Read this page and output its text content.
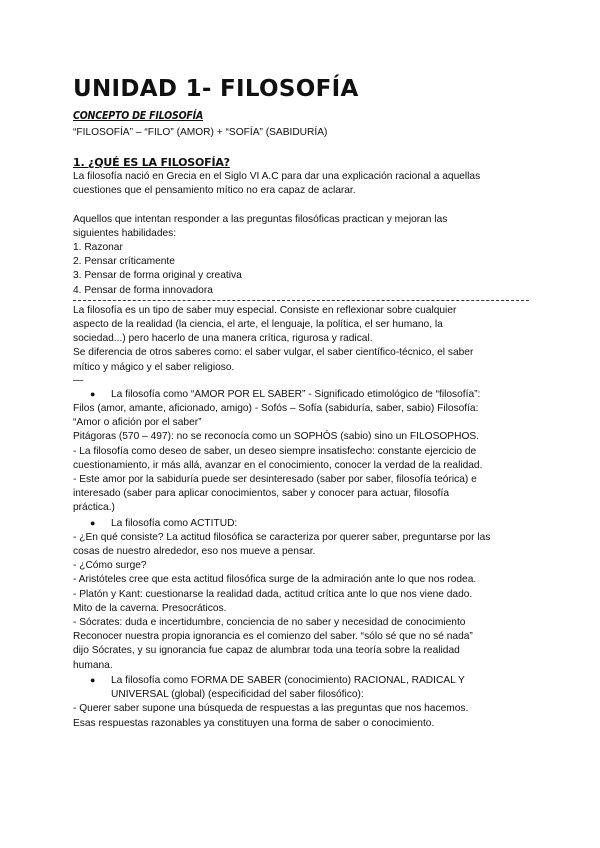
UNIDAD 1- FILOSOFÍA
CONCEPTO DE FILOSOFÍA
“FILOSOFÍA” – “FILO” (AMOR) + “SOFÍA” (SABIDURÍA)
1. ¿QUÉ ES LA FILOSOFÍA?
La filosofía nació en Grecia en el Siglo VI A.C para dar una explicación racional a aquellas
cuestiones que el pensamiento mítico no era capaz de aclarar.
Aquellos que intentan responder a las preguntas filosóficas practican y mejoran las
siguientes habilidades:
1. Razonar
2. Pensar críticamente
3. Pensar de forma original y creativa
4. Pensar de forma innovadora
La filosofía es un tipo de saber muy especial. Consiste en reflexionar sobre cualquier
aspecto de la realidad (la ciencia, el arte, el lenguaje, la política, el ser humano, la
sociedad...) pero hacerlo de una manera crítica, rigurosa y radical.
Se diferencia de otros saberes como: el saber vulgar, el saber científico-técnico, el saber
mítico y mágico y el saber religioso.
—
● La filosofía como “AMOR POR EL SABER” - Significado etimológico de “filosofía”:
Filos (amor, amante, aficionado, amigo) - Sofós – Sofía (sabiduría, saber, sabio) Filosofía:
“Amor o afición por el saber”
Pitágoras (570 – 497): no se reconocía como un SOPHÓS (sabio) sino un FILOSOPHOS.
- La filosofía como deseo de saber, un deseo siempre insatisfecho: constante ejercicio de
cuestionamiento, ir más allá, avanzar en el conocimiento, conocer la verdad de la realidad.
- Este amor por la sabiduría puede ser desinteresado (saber por saber, filosofía teórica) e
interesado (saber para aplicar conocimientos, saber y conocer para actuar, filosofía
práctica.)
● La filosofía como ACTITUD:
- ¿En qué consiste? La actitud filosófica se caracteriza por querer saber, preguntarse por las
cosas de nuestro alrededor, eso nos mueve a pensar.
- ¿Cómo surge?
- Aristóteles cree que esta actitud filosófica surge de la admiración ante lo que nos rodea.
- Platón y Kant: cuestionarse la realidad dada, actitud crítica ante lo que nos viene dado.
Mito de la caverna. Presocráticos.
- Sócrates: duda e incertidumbre, conciencia de no saber y necesidad de conocimiento
Reconocer nuestra propia ignorancia es el comienzo del saber. “sólo sé que no sé nada”
dijo Sócrates, y su ignorancia fue capaz de alumbrar toda una teoría sobre la realidad
humana.
● La filosofía como FORMA DE SABER (conocimiento) RACIONAL, RADICAL Y
UNIVERSAL (global) (especificidad del saber filosófico):
- Querer saber supone una búsqueda de respuestas a las preguntas que nos hacemos.
Esas respuestas razonables ya constituyen una forma de saber o conocimiento.
